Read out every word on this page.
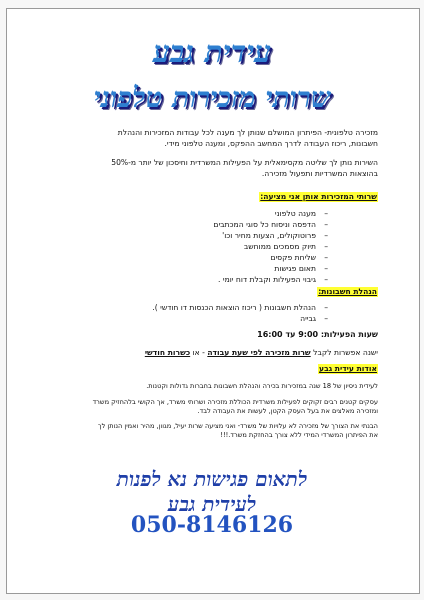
עידית גבע
שרותי מזכירות טלפוני
מזכירה טלפונית- הפיתרון המושלם שנותן לך מענה לכל עבודות המזכירות והנהלת
חשבונות, ריכוז העבודה לדרך המחשב ההפקס, ומענה טלפוני מידי.
השירות נותן לך שליטה מקסימאלית על הפעילות המשרדית וחיסכון של יותר מ-50%
בהוצאות המשרדיות ותפעול מזכירה.
שרותי המזכירות אותן אני מציעה:
– מענה טלפוני
– הדפסה וניסוח כל סוגי המכתבים
– פרוטוקולים, הצעות מחיר וכו'
– תיוק מסמכים ממוחשב
– שליחת פקסים
– תאום פגישות
– גיבוי הפעילות וקבלת דוח יומי .
הנהלת חשבונות:
– הנהלת חשבונות ( ריכוז הוצאות הכנסות דו חודשי ).
– גבייה
שעות הפעילות: 9:00 עד 16:00
ישנה אפשרות לקבל שרות מזכירה לפי שעת עבודה - או כשרות חודשי
אודות עידית גבע
לעידית ניסיון של 18 שנה במזכירות בכירה והנהלת חשבונות בחברות גדולות וקטנות.
עסקים קטנים רבים זקוקים לפעילות משרדית הכוללת מזכירה ושרותי משרד, אך הקושי בלהחזיק משרד
ומזכירה מאלצים את בעל העסק הקטן, לעשות את העבודה לבד.
הבנתי את הצורך של מזכירה לא עלויות של משרד- ואני מציעה שרות יעיל, מגוון, מהיר ואמין הנותן לך
את הפיתרון המשרדי המידי ללא צורך בהחזקת משרד.!!!
לתאום פגישות נא לפנות
לעידית גבע
050-8146126
